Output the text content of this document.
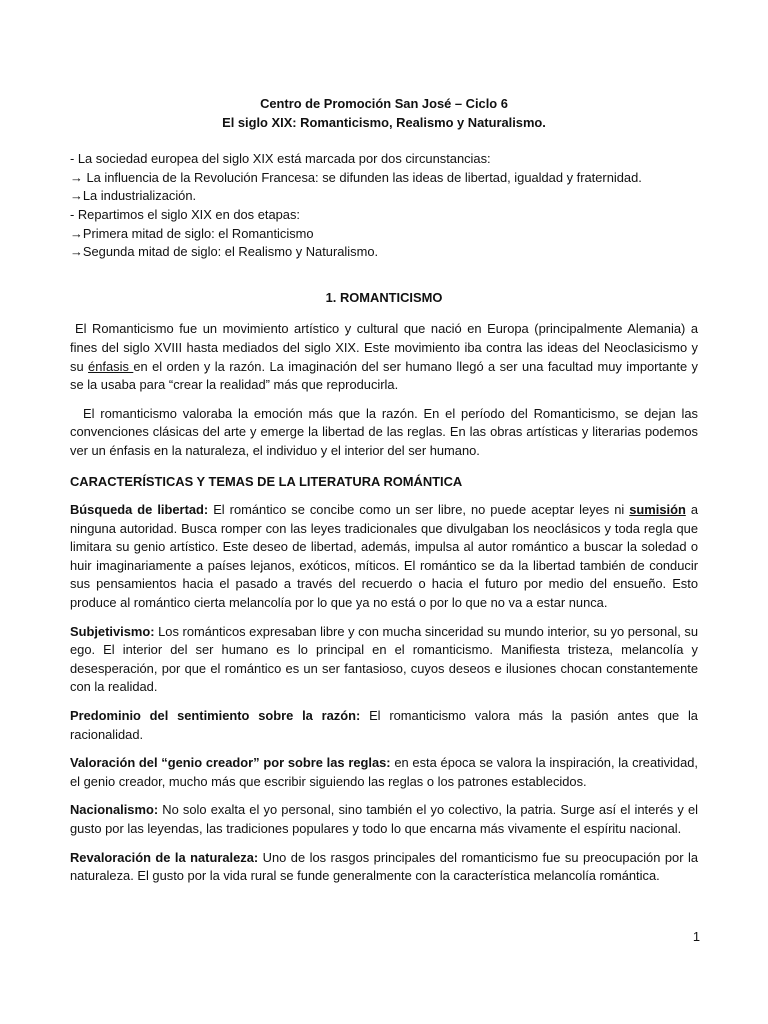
Centro de Promoción San José – Ciclo 6

El siglo XIX: Romanticismo, Realismo y Naturalismo.

- La sociedad europea del siglo XIX está marcada por dos circunstancias:

→ La influencia de la Revolución Francesa: se difunden las ideas de libertad, igualdad y fraternidad.

→La industrialización.

- Repartimos el siglo XIX en dos etapas:

→Primera mitad de siglo: el Romanticismo

→Segunda mitad de siglo: el Realismo y Naturalismo.

1. ROMANTICISMO

El Romanticismo fue un movimiento artístico y cultural que nació en Europa (principalmente Alemania) a fines del siglo XVIII hasta mediados del siglo XIX. Este movimiento iba contra las ideas del Neoclasicismo y su énfasis en el orden y la razón. La imaginación del ser humano llegó a ser una facultad muy importante y se la usaba para “crear la realidad” más que reproducirla.

El romanticismo valoraba la emoción más que la razón. En el período del Romanticismo, se dejan las convenciones clásicas del arte y emerge la libertad de las reglas. En las obras artísticas y literarias podemos ver un énfasis en la naturaleza, el individuo y el interior del ser humano.

CARACTERÍSTICAS Y TEMAS DE LA LITERATURA ROMÁNTICA

Búsqueda de libertad: El romántico se concibe como un ser libre, no puede aceptar leyes ni sumisión a ninguna autoridad. Busca romper con las leyes tradicionales que divulgaban los neoclásicos y toda regla que limitara su genio artístico. Este deseo de libertad, además, impulsa al autor romántico a buscar la soledad o huir imaginariamente a países lejanos, exóticos, míticos. El romántico se da la libertad también de conducir sus pensamientos hacia el pasado a través del recuerdo o hacia el futuro por medio del ensueño. Esto produce al romántico cierta melancolía por lo que ya no está o por lo que no va a estar nunca.

Subjetivismo: Los románticos expresaban libre y con mucha sinceridad su mundo interior, su yo personal, su ego. El interior del ser humano es lo principal en el romanticismo. Manifiesta tristeza, melancolía y desesperación, por que el romántico es un ser fantasioso, cuyos deseos e ilusiones chocan constantemente con la realidad.

Predominio del sentimiento sobre la razón: El romanticismo valora más la pasión antes que la racionalidad.

Valoración del “genio creador” por sobre las reglas: en esta época se valora la inspiración, la creatividad, el genio creador, mucho más que escribir siguiendo las reglas o los patrones establecidos.

Nacionalismo: No solo exalta el yo personal, sino también el yo colectivo, la patria. Surge así el interés y el gusto por las leyendas, las tradiciones populares y todo lo que encarna más vivamente el espíritu nacional.

Revaloración de la naturaleza: Uno de los rasgos principales del romanticismo fue su preocupación por la naturaleza. El gusto por la vida rural se funde generalmente con la característica melancolía romántica.

1
